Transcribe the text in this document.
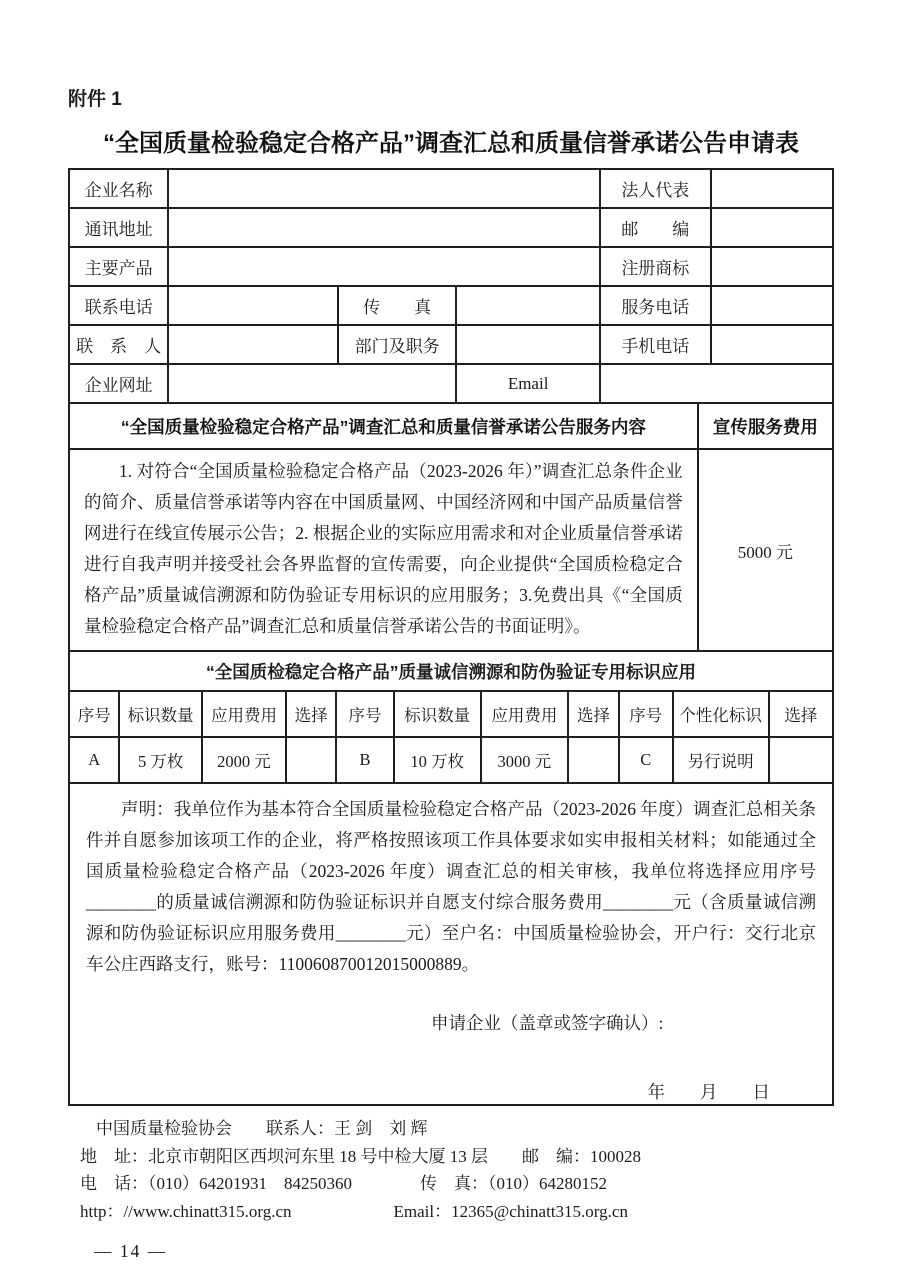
附件 1
“全国质量检验稳定合格产品”调查汇总和质量信誉承诺公告申请表
企业名称				法人代表	
通讯地址				邮　　编	
主要产品				注册商标	
联系电话		传　　真		服务电话	
联　系　人		部门及职务		手机电话	
企业网址			Email		
“全国质量检验稳定合格产品”调查汇总和质量信誉承诺公告服务内容	宣传服务费用

1. 对符合“全国质量检验稳定合格产品（2023-2026 年）”调查汇总条件企业的简介、质量信誉承诺等内容在中国质量网、中国经济网和中国产品质量信誉网进行在线宣传展示公告；2. 根据企业的实际应用需求和对企业质量信誉承诺进行自我声明并接受社会各界监督的宣传需要，向企业提供“全国质检稳定合格产品”质量诚信溯源和防伪验证专用标识的应用服务；3.免费出具《“全国质量检验稳定合格产品”调查汇总和质量信誉承诺公告的书面证明》。	5000 元
“全国质检稳定合格产品”质量诚信溯源和防伪验证专用标识应用										
序号	标识数量	应用费用	选择	序号	标识数量	应用费用	选择	序号	个性化标识	选择
A	5 万枚	2000 元		B	10 万枚	3000 元		C	另行说明	

声明：我单位作为基本符合全国质量检验稳定合格产品（2023-2026 年度）调查汇总相关条件并自愿参加该项工作的企业，将严格按照该项工作具体要求如实申报相关材料；如能通过全国质量检验稳定合格产品（2023-2026 年度）调查汇总的相关审核，我单位将选择应用序号________的质量诚信溯源和防伪验证标识并自愿支付综合服务费用________元（含质量诚信溯源和防伪验证标识应用服务费用________元）至户名：中国质量检验协会，开户行：交行北京车公庄西路支行，账号：110060870012015000889。

申请企业（盖章或签字确认）:
年　　月　　日
中国质量检验协会　　联系人：王 剑　刘 辉
地　址：北京市朝阳区西坝河东里 18 号中检大厦 13 层　　邮　编：100028
电　话：（010）64201931　84250360　　　　传　真：（010）64280152
http：//www.chinatt315.org.cn　　　　　　Email：12365@chinatt315.org.cn
— 14 —
